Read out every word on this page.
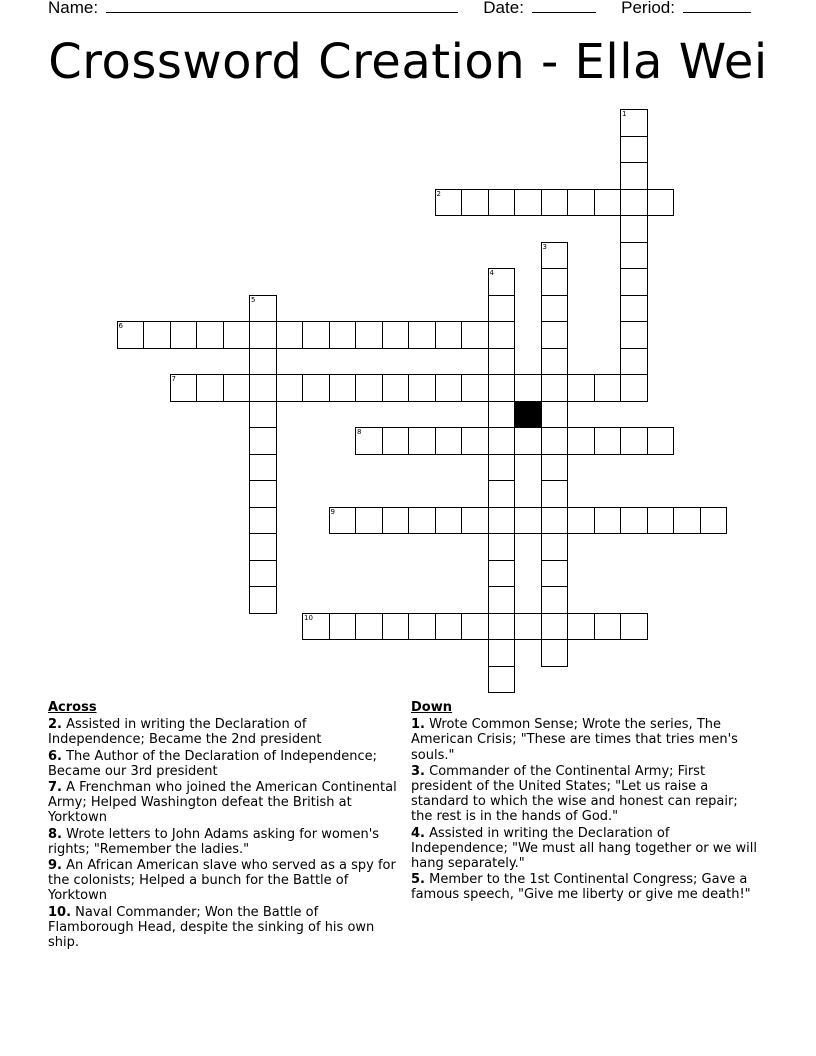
Name:	Date:	Period:
Crossword Creation - Ella Wei
1
2
3
4
5
6
7
8
9
10
Across
2. Assisted in writing the Declaration of Independence; Became the 2nd president
6. The Author of the Declaration of Independence; Became our 3rd president
7. A Frenchman who joined the American Continental Army; Helped Washington defeat the British at Yorktown
8. Wrote letters to John Adams asking for women's rights; "Remember the ladies."
9. An African American slave who served as a spy for the colonists; Helped a bunch for the Battle of Yorktown
10. Naval Commander; Won the Battle of Flamborough Head, despite the sinking of his own ship.
Down
1. Wrote Common Sense; Wrote the series, The American Crisis; "These are times that tries men's souls."
3. Commander of the Continental Army; First president of the United States; "Let us raise a standard to which the wise and honest can repair; the rest is in the hands of God."
4. Assisted in writing the Declaration of Independence; "We must all hang together or we will hang separately."
5. Member to the 1st Continental Congress; Gave a famous speech, "Give me liberty or give me death!"
